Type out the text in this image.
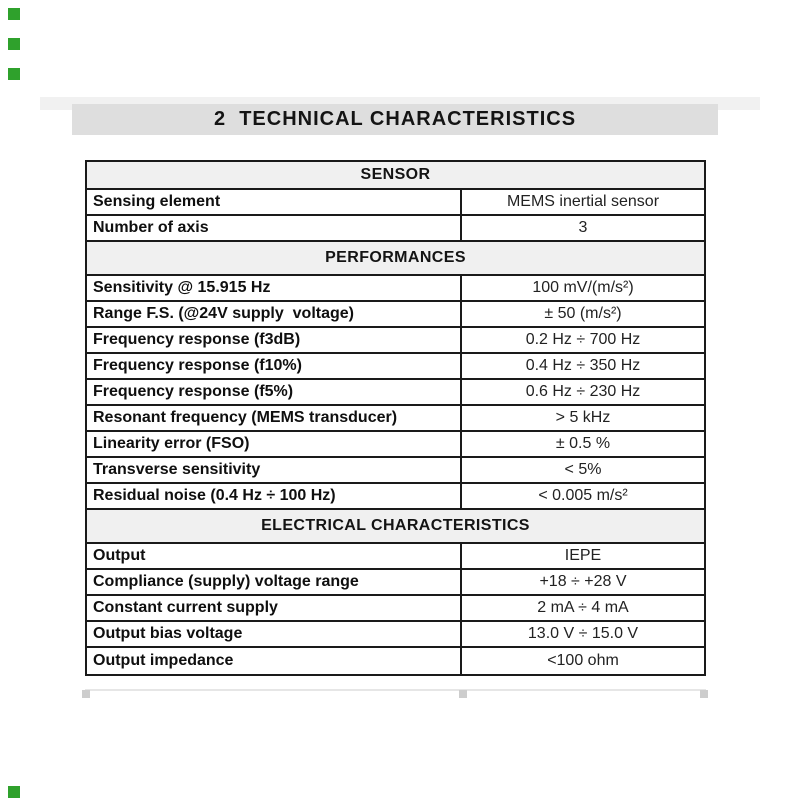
2  TECHNICAL CHARACTERISTICS
SENSOR
Sensing element	MEMS inertial sensor
Number of axis	3
PERFORMANCES
Sensitivity @ 15.915 Hz	100 mV/(m/s²)
Range F.S. (@24V supply  voltage)	± 50 (m/s²)
Frequency response (f3dB)	0.2 Hz ÷ 700 Hz
Frequency response (f10%)	0.4 Hz ÷ 350 Hz
Frequency response (f5%)	0.6 Hz ÷ 230 Hz
Resonant frequency (MEMS transducer)	> 5 kHz
Linearity error (FSO)	± 0.5 %
Transverse sensitivity	< 5%
Residual noise (0.4 Hz ÷ 100 Hz)	< 0.005 m/s²
ELECTRICAL CHARACTERISTICS
Output	IEPE
Compliance (supply) voltage range	+18 ÷ +28 V
Constant current supply	2 mA ÷ 4 mA
Output bias voltage	13.0 V ÷ 15.0 V
Output impedance	<100 ohm
